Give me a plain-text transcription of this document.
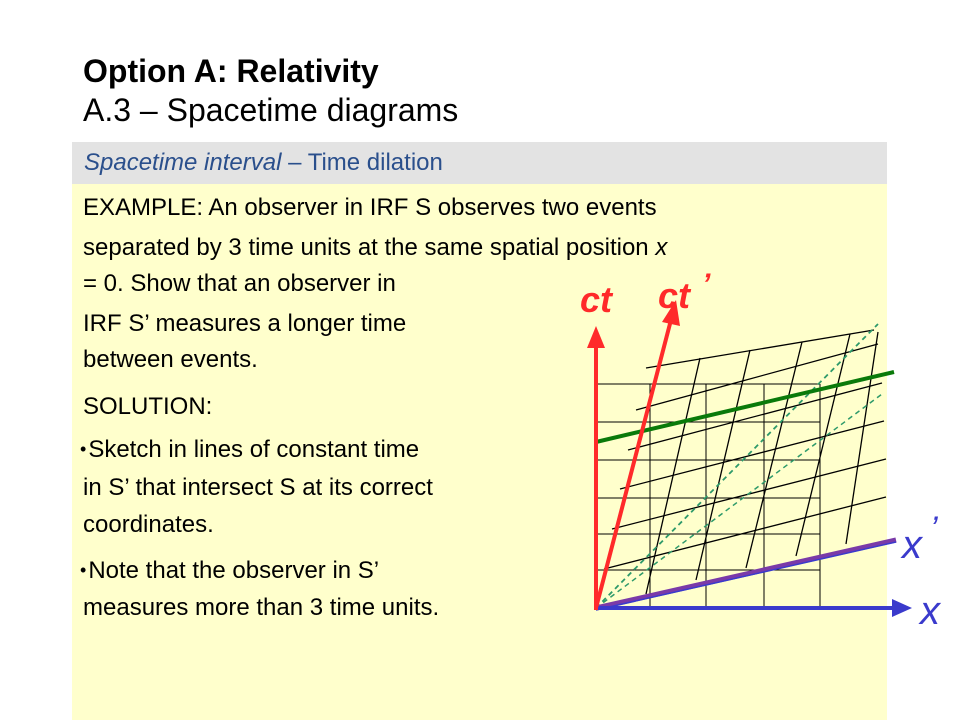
Option A: Relativity
A.3 – Spacetime diagrams
Spacetime interval – Time dilation
EXAMPLE: An observer in IRF S observes two events
separated by 3 time units at the same spatial position x
= 0. Show that an observer in
IRF S’ measures a longer time
between events.
SOLUTION:
•Sketch in lines of constant time
in S’ that intersect S at its correct
coordinates.
•Note that the observer in S’
measures more than 3 time units.
ct ct ’
x ’
x
